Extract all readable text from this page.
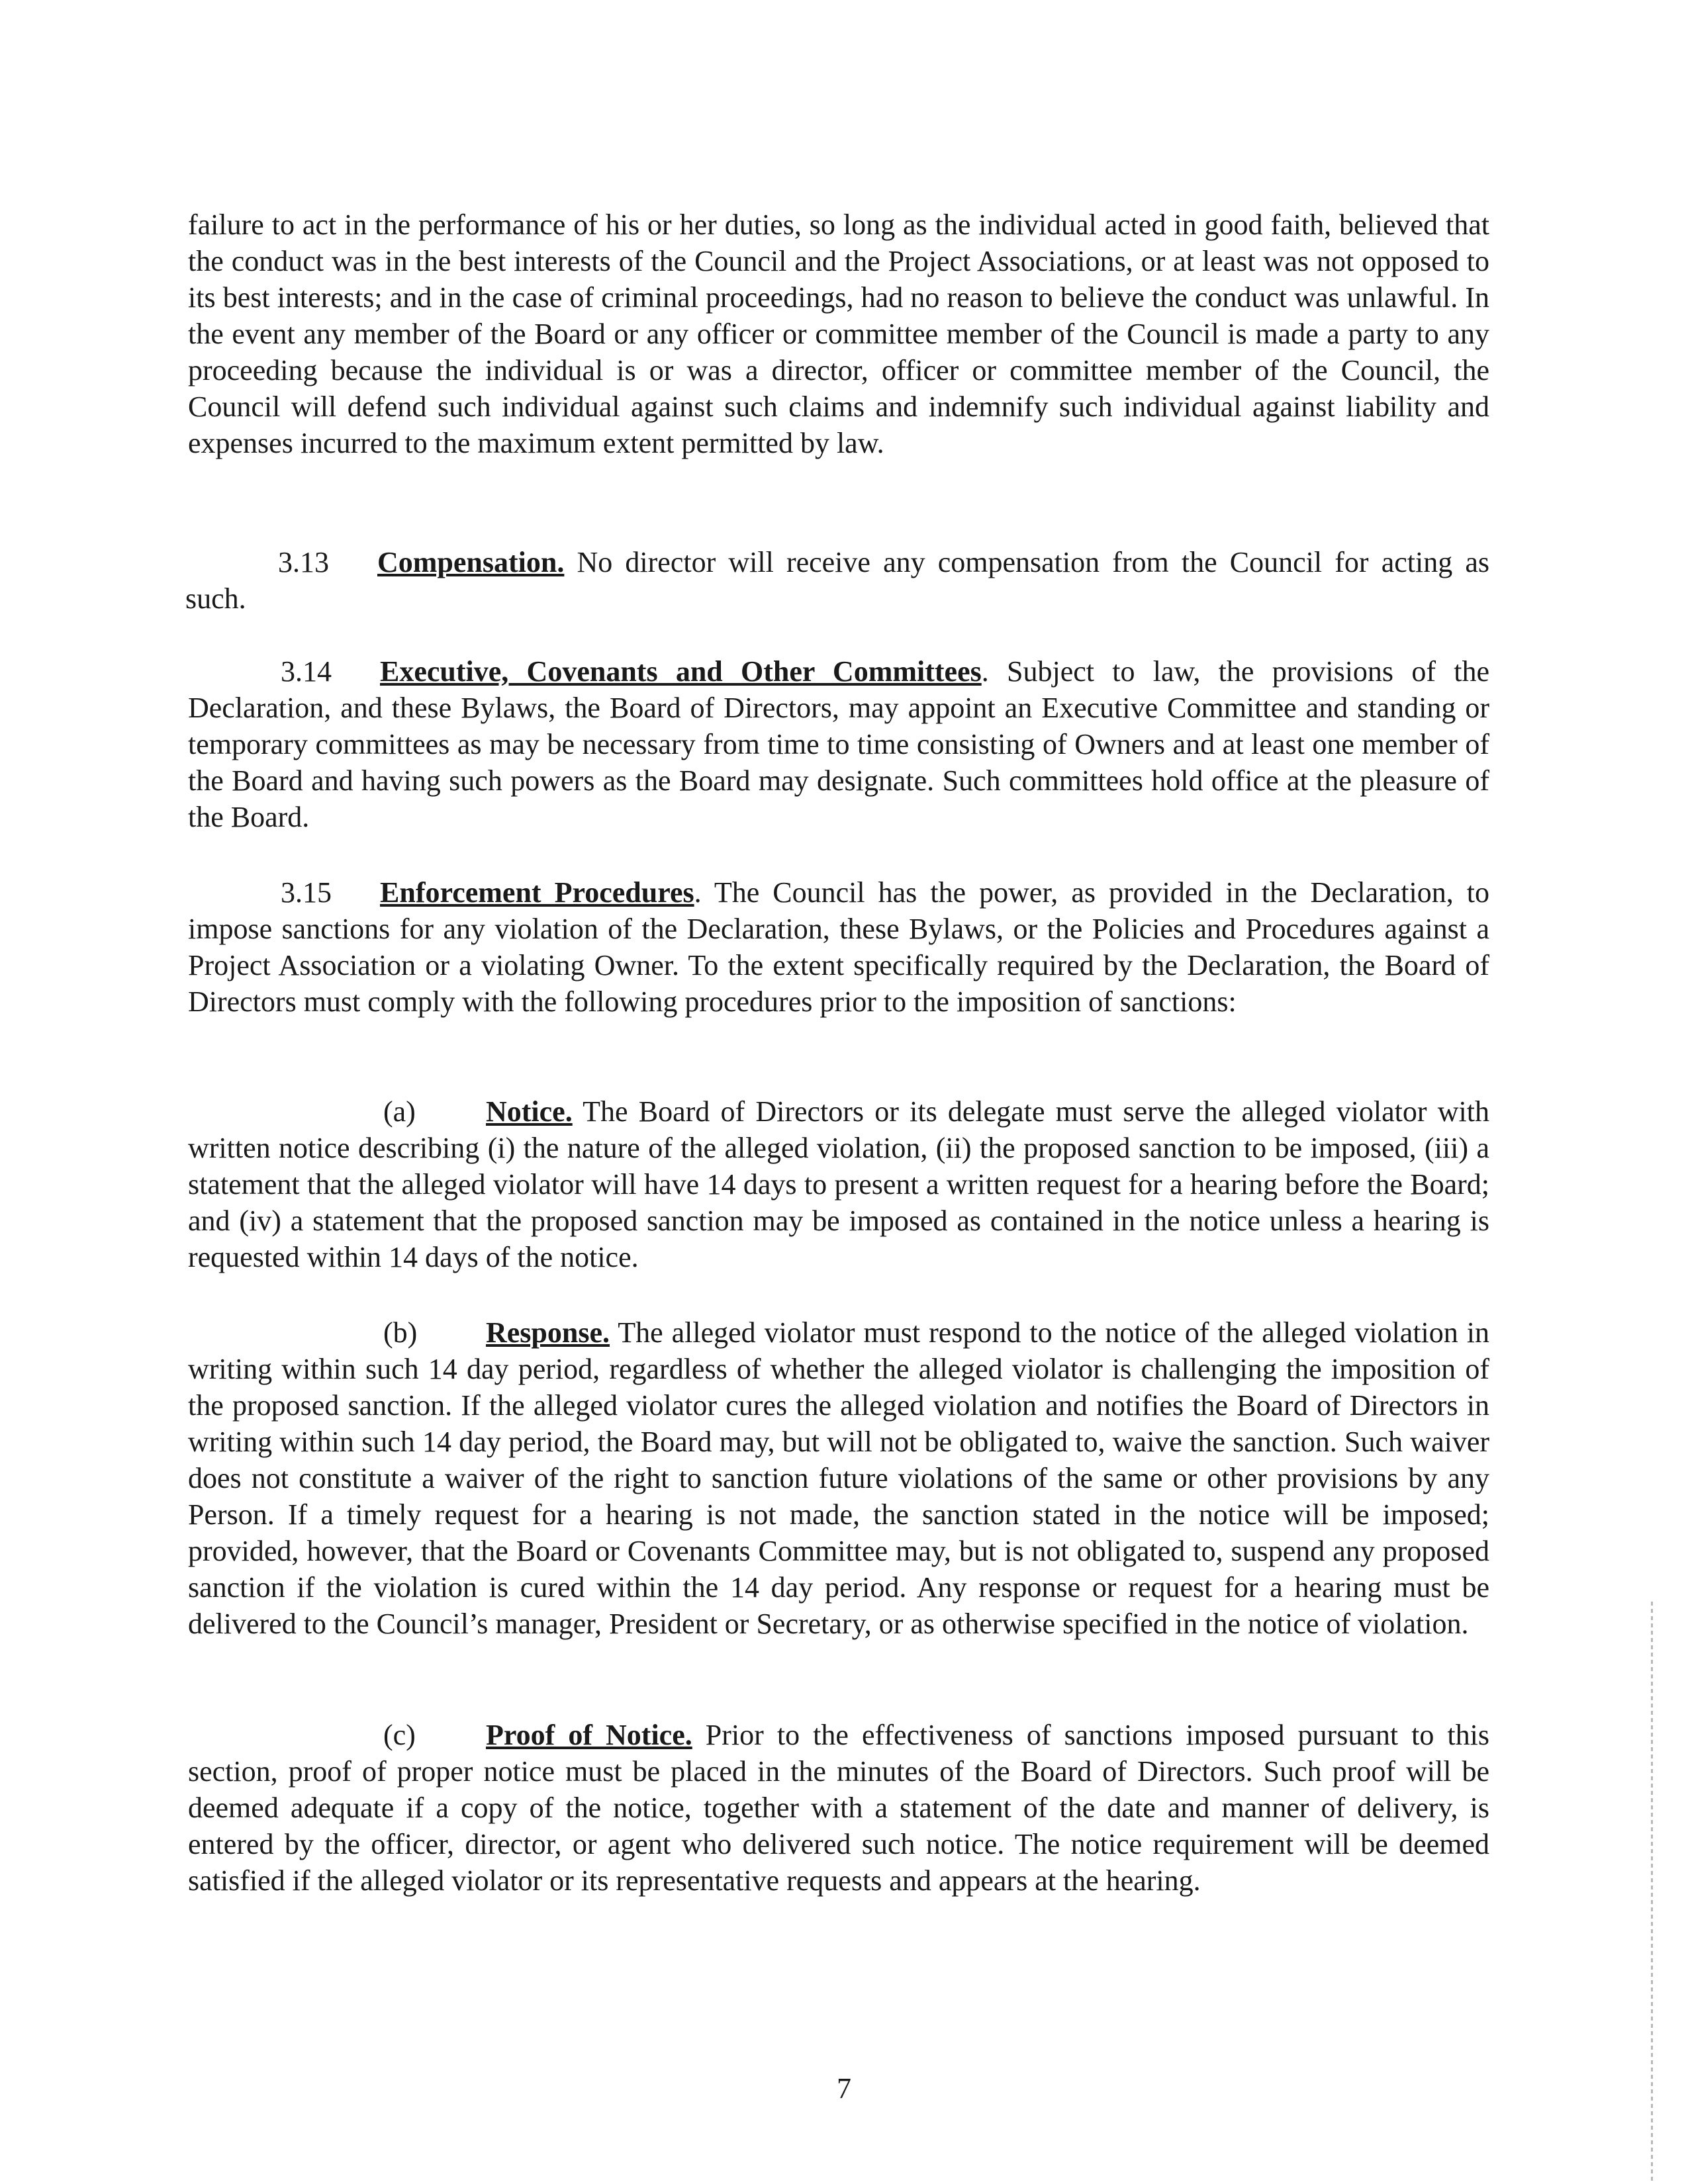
failure to act in the performance of his or her duties, so long as the individual acted in good faith, believed that the conduct was in the best interests of the Council and the Project Associations, or at least was not opposed to its best interests; and in the case of criminal proceedings, had no reason to believe the conduct was unlawful. In the event any member of the Board or any officer or committee member of the Council is made a party to any proceeding because the individual is or was a director, officer or committee member of the Council, the Council will defend such individual against such claims and indemnify such individual against liability and expenses incurred to the maximum extent permitted by law.

3.13 Compensation. No director will receive any compensation from the Council for acting as such.

3.14 Executive, Covenants and Other Committees. Subject to law, the provisions of the Declaration, and these Bylaws, the Board of Directors, may appoint an Executive Committee and standing or temporary committees as may be necessary from time to time consisting of Owners and at least one member of the Board and having such powers as the Board may designate. Such committees hold office at the pleasure of the Board.

3.15 Enforcement Procedures. The Council has the power, as provided in the Declaration, to impose sanctions for any violation of the Declaration, these Bylaws, or the Policies and Procedures against a Project Association or a violating Owner. To the extent specifically required by the Declaration, the Board of Directors must comply with the following procedures prior to the imposition of sanctions:

(a) Notice. The Board of Directors or its delegate must serve the alleged violator with written notice describing (i) the nature of the alleged violation, (ii) the proposed sanction to be imposed, (iii) a statement that the alleged violator will have 14 days to present a written request for a hearing before the Board; and (iv) a statement that the proposed sanction may be imposed as contained in the notice unless a hearing is requested within 14 days of the notice.

(b) Response. The alleged violator must respond to the notice of the alleged violation in writing within such 14 day period, regardless of whether the alleged violator is challenging the imposition of the proposed sanction. If the alleged violator cures the alleged violation and notifies the Board of Directors in writing within such 14 day period, the Board may, but will not be obligated to, waive the sanction. Such waiver does not constitute a waiver of the right to sanction future violations of the same or other provisions by any Person. If a timely request for a hearing is not made, the sanction stated in the notice will be imposed; provided, however, that the Board or Covenants Committee may, but is not obligated to, suspend any proposed sanction if the violation is cured within the 14 day period. Any response or request for a hearing must be delivered to the Council’s manager, President or Secretary, or as otherwise specified in the notice of violation.

(c) Proof of Notice. Prior to the effectiveness of sanctions imposed pursuant to this section, proof of proper notice must be placed in the minutes of the Board of Directors. Such proof will be deemed adequate if a copy of the notice, together with a statement of the date and manner of delivery, is entered by the officer, director, or agent who delivered such notice. The notice requirement will be deemed satisfied if the alleged violator or its representative requests and appears at the hearing.

7
